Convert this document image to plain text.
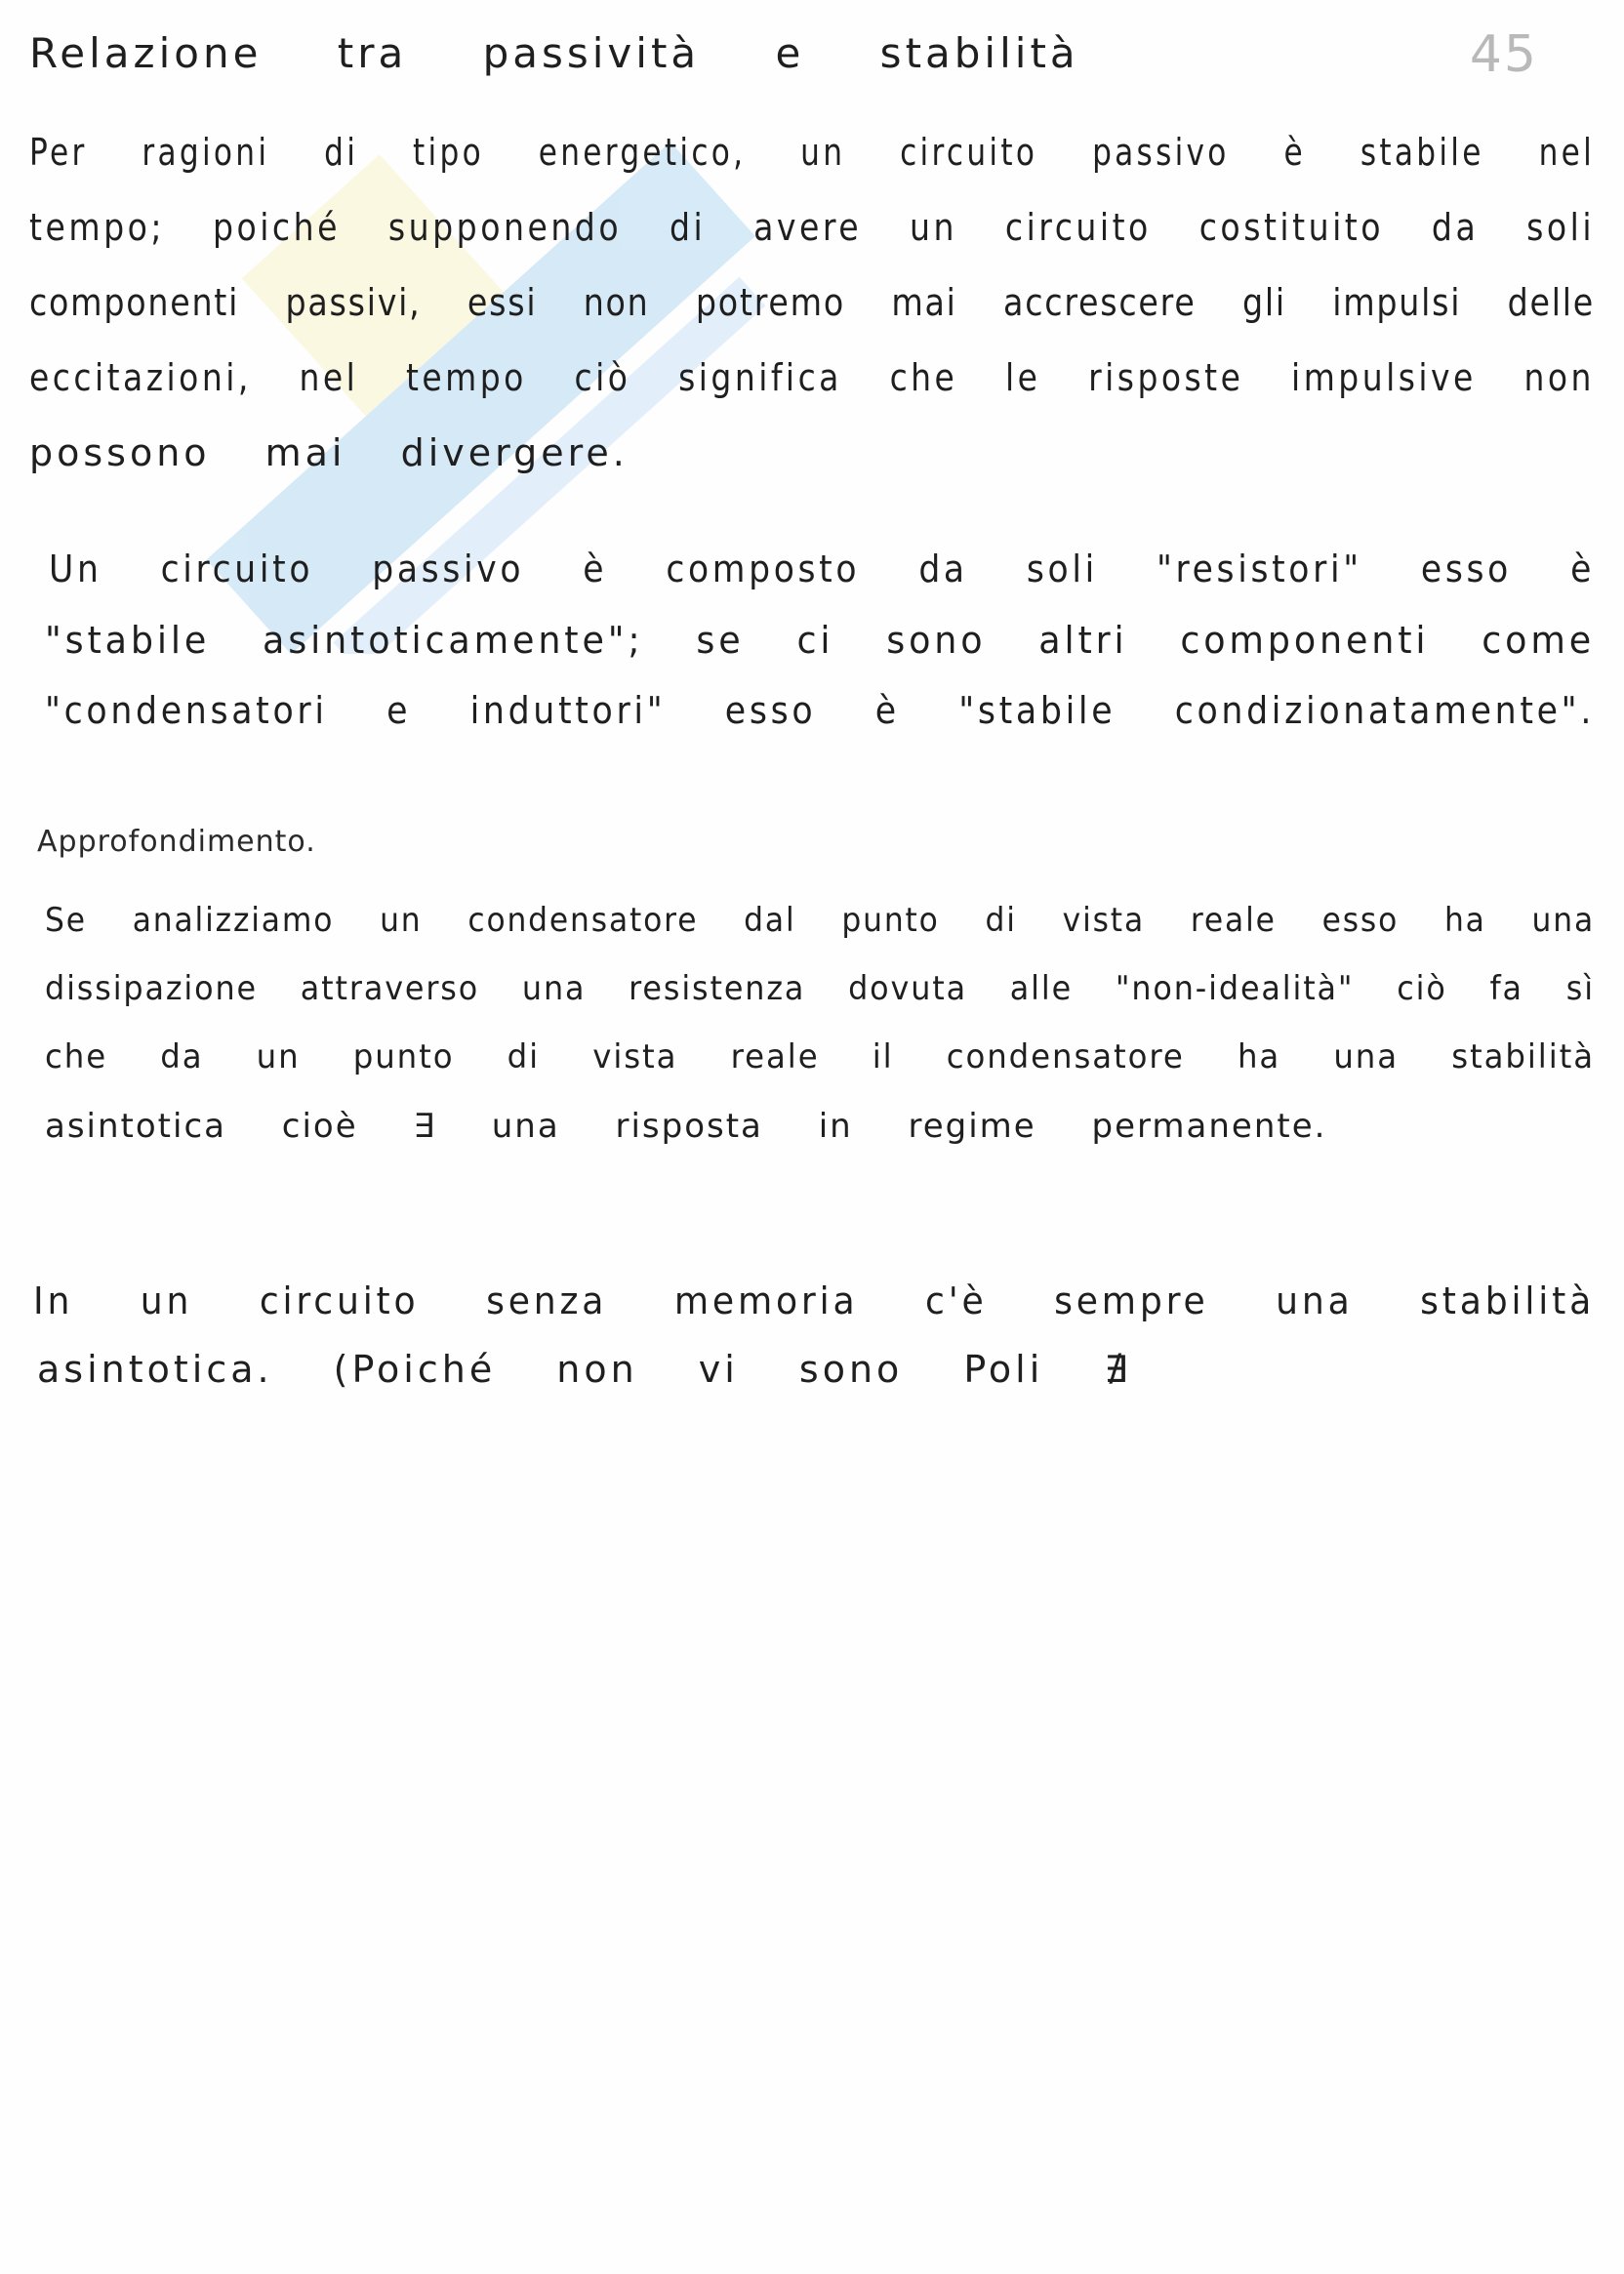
Relazione tra passività e stabilità	45
Per ragioni di tipo energetico, un circuito passivo è stabile nel
tempo; poiché supponendo di avere un circuito costituito da soli
componenti passivi, essi non potremo mai accrescere gli impulsi delle
eccitazioni, nel tempo ciò significa che le risposte impulsive non
possono mai divergere.
Un circuito passivo è composto da soli "resistori" esso è
"stabile asintoticamente"; se ci sono altri componenti come
"condensatori e induttori" esso è "stabile condizionatamente".
Approfondimento.
Se analizziamo un condensatore dal punto di vista reale esso ha una
dissipazione attraverso una resistenza dovuta alle "non-idealità" ciò fa sì
che da un punto di vista reale il condensatore ha una stabilità
asintotica cioè ∃ una risposta in regime permanente.
In un circuito senza memoria c'è sempre una stabilità
asintotica. (Poiché non vi sono Poli ∄
